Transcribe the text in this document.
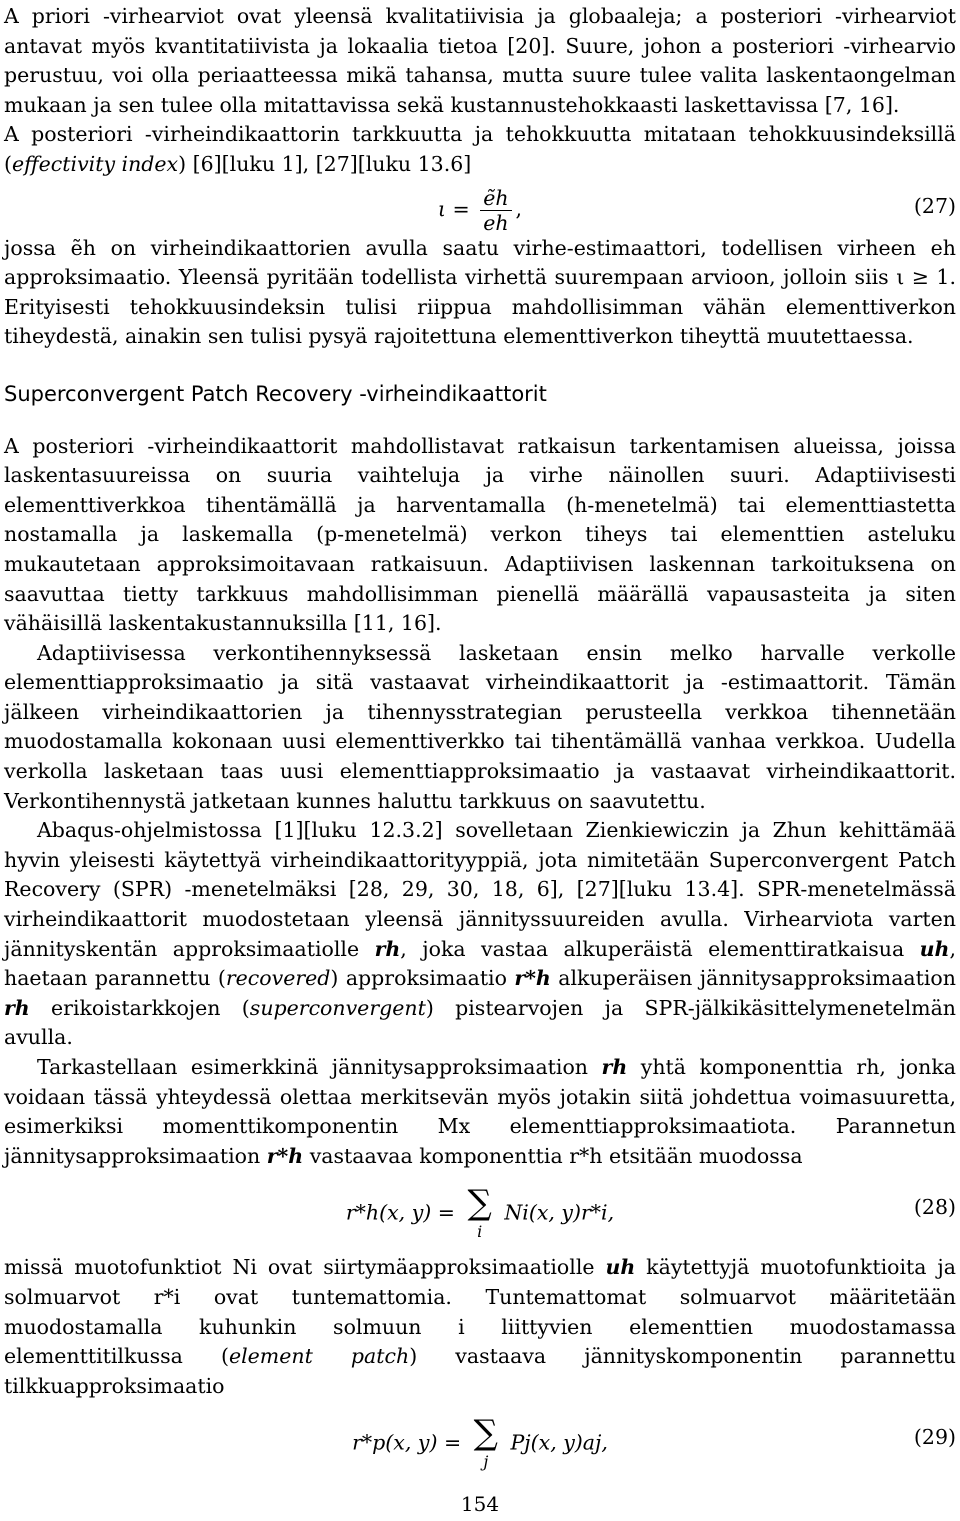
A priori -virhearviot ovat yleensä kvalitatiivisia ja globaaleja; a posteriori -virhearviot antavat myös kvantitatiivista ja lokaalia tietoa [20]. Suure, johon a posteriori -virhearvio perustuu, voi olla periaatteessa mikä tahansa, mutta suure tulee valita laskentaongelman mukaan ja sen tulee olla mitattavissa sekä kustannustehokkaasti laskettavissa [7, 16].

A posteriori -virheindikaattorin tarkkuutta ja tehokkuutta mitataan tehokkuusindeksillä (effectivity index) [6][luku 1], [27][luku 13.6]

$\iota = \frac{\text{ẽh}}{eh}$ ,	(27)

jossa ẽh on virheindikaattorien avulla saatu virhe-estimaattori, todellisen virheen eh approksimaatio. Yleensä pyritään todellista virhettä suurempaan arvioon, jolloin siis ι ≥ 1. Erityisesti tehokkuusindeksin tulisi riippua mahdollisimman vähän elementtiverkon tiheydestä, ainakin sen tulisi pysyä rajoitettuna elementtiverkon tiheyttä muutettaessa.

Superconvergent Patch Recovery -virheindikaattorit

A posteriori -virheindikaattorit mahdollistavat ratkaisun tarkentamisen alueissa, joissa laskentasuureissa on suuria vaihteluja ja virhe näinollen suuri. Adaptiivisesti elementtiverkkoa tihentämällä ja harventamalla (h-menetelmä) tai elementtiastetta nostamalla ja laskemalla (p-menetelmä) verkon tiheys tai elementtien asteluku mukautetaan approksimoitavaan ratkaisuun. Adaptiivisen laskennan tarkoituksena on saavuttaa tietty tarkkuus mahdollisimman pienellä määrällä vapausasteita ja siten vähäisillä laskentakustannuksilla [11, 16].

Adaptiivisessa verkontihennyksessä lasketaan ensin melko harvalle verkolle elementtiapproksimaatio ja sitä vastaavat virheindikaattorit ja -estimaattorit. Tämän jälkeen virheindikaattorien ja tihennysstrategian perusteella verkkoa tihennetään muodostamalla kokonaan uusi elementtiverkko tai tihentämällä vanhaa verkkoa. Uudella verkolla lasketaan taas uusi elementtiapproksimaatio ja vastaavat virheindikaattorit. Verkontihennystä jatketaan kunnes haluttu tarkkuus on saavutettu.

Abaqus-ohjelmistossa [1][luku 12.3.2] sovelletaan Zienkiewiczin ja Zhun kehittämää hyvin yleisesti käytettyä virheindikaattorityyppiä, jota nimitetään Superconvergent Patch Recovery (SPR) -menetelmäksi [28, 29, 30, 18, 6], [27][luku 13.4]. SPR-menetelmässä virheindikaattorit muodostetaan yleensä jännityssuureiden avulla. Virhearviota varten jännityskentän approksimaatiolle rh, joka vastaa alkuperäistä elementtiratkaisua uh, haetaan parannettu (recovered) approksimaatio r*h alkuperäisen jännitysapproksimaation rh erikoistarkkojen (superconvergent) pistearvojen ja SPR-jälkikäsittelymenetelmän avulla.

Tarkastellaan esimerkkinä jännitysapproksimaation rh yhtä komponenttia rh, jonka voidaan tässä yhteydessä olettaa merkitsevän myös jotakin siitä johdettua voimasuuretta, esimerkiksi momenttikomponentin Mx elementtiapproksimaatiota. Parannetun jännitysapproksimaation r*h vastaavaa komponenttia r*h etsitään muodossa

r*h(x, y) = ∑
i
Ni(x, y)r*i,	(28)

missä muotofunktiot Ni ovat siirtymäapproksimaatiolle uh käytettyjä muotofunktioita ja solmuarvot r*i ovat tuntemattomia. Tuntemattomat solmuarvot määritetään muodostamalla kuhunkin solmuun i liittyvien elementtien muodostamassa elementtitilkussa (element patch) vastaava jännityskomponentin parannettu tilkkuapproksimaatio

r*p(x, y) = ∑
j
Pj(x, y)aj,	(29)
154
